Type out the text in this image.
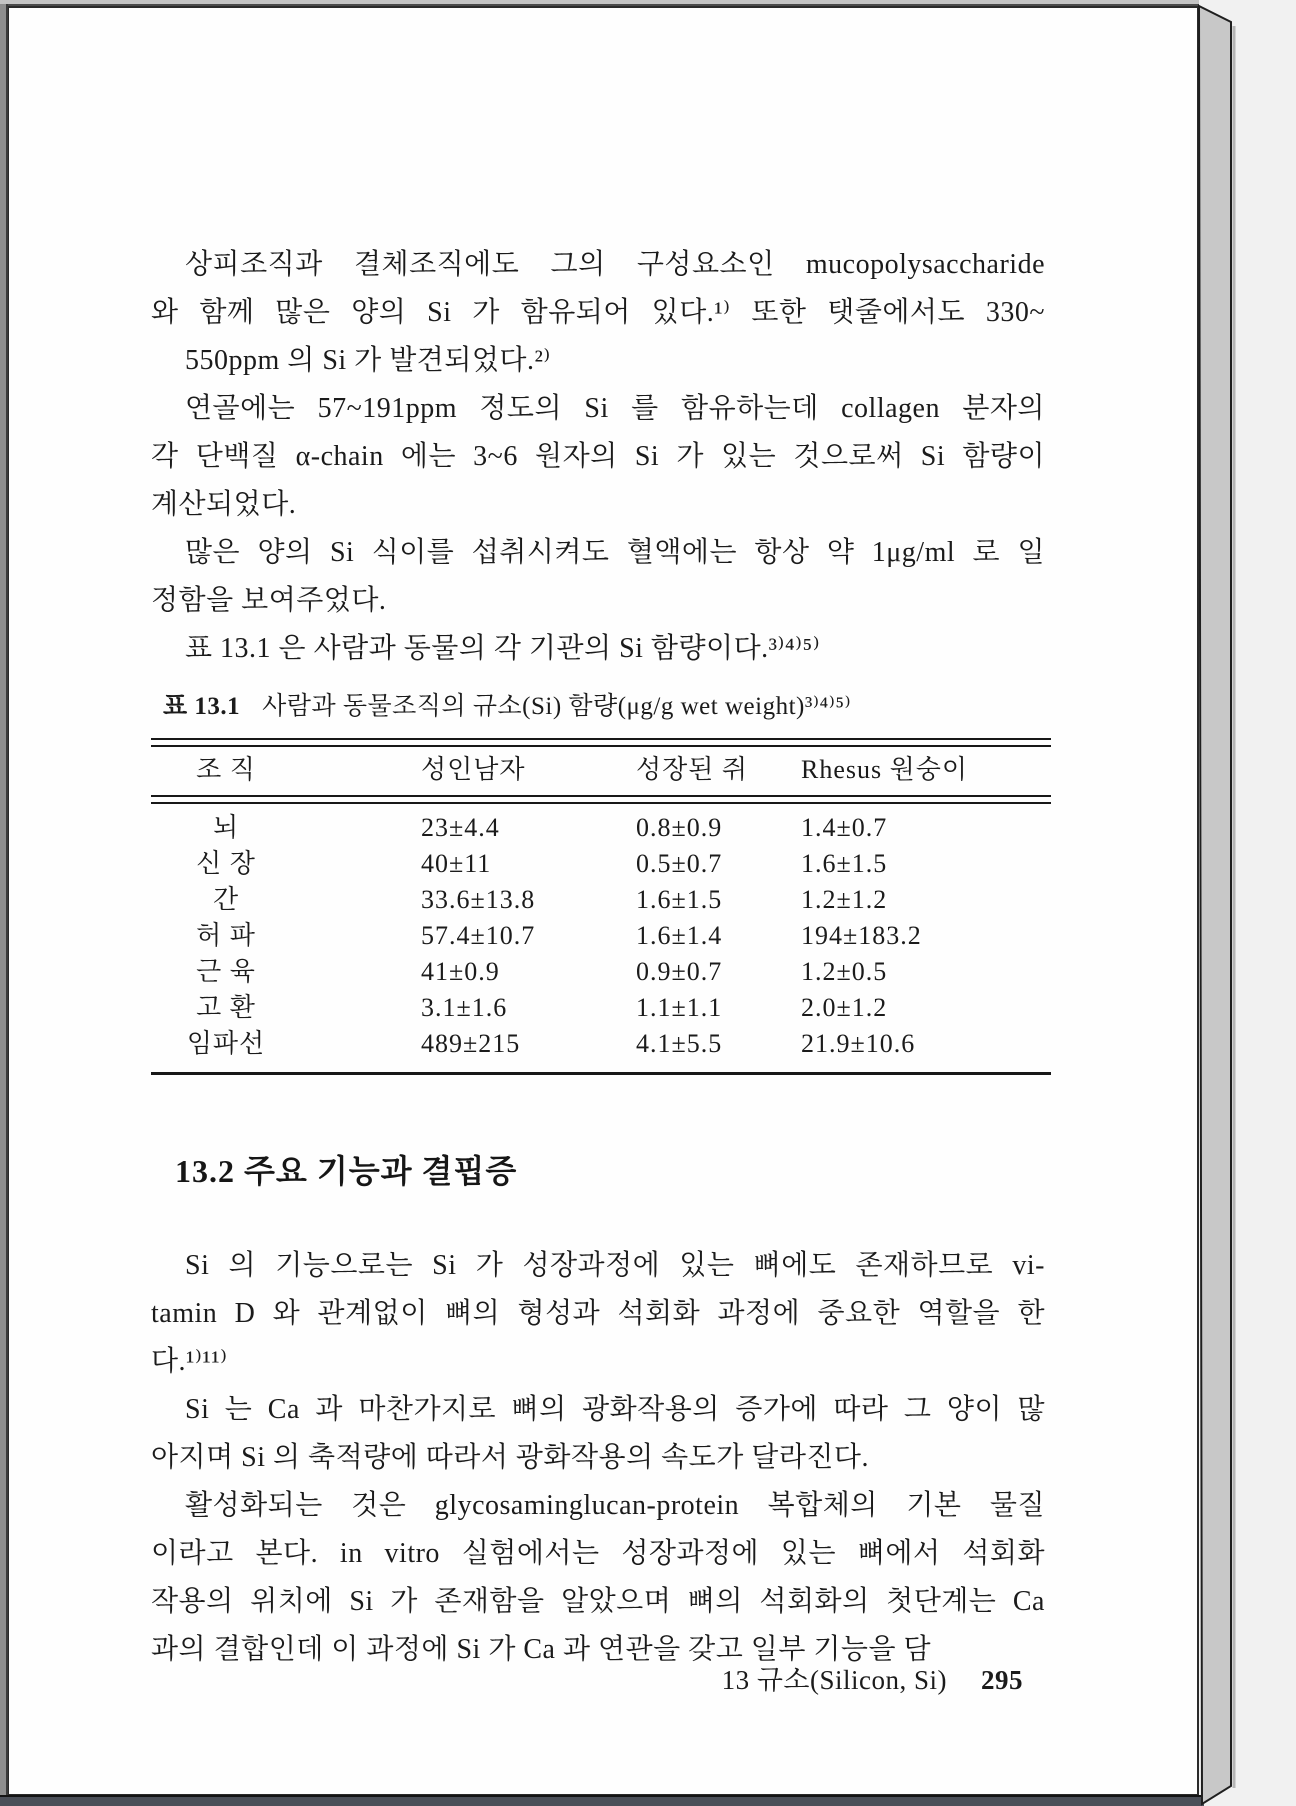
상피조직과 결체조직에도 그의 구성요소인 mucopolysaccharide
와 함께 많은 양의 Si 가 함유되어 있다.¹⁾ 또한 탯줄에서도 330~
550ppm 의 Si 가 발견되었다.²⁾
연골에는 57~191ppm 정도의 Si 를 함유하는데 collagen 분자의
각 단백질 α-chain 에는 3~6 원자의 Si 가 있는 것으로써 Si 함량이
계산되었다.
많은 양의 Si 식이를 섭취시켜도 혈액에는 항상 약 1μg/ml 로 일
정함을 보여주었다.
표 13.1 은 사람과 동물의 각 기관의 Si 함량이다.³⁾⁴⁾⁵⁾
표 13.1 사람과 동물조직의 규소(Si) 함량(μg/g wet weight)³⁾⁴⁾⁵⁾
조 직	성인남자	성장된 쥐	Rhesus 원숭이
뇌	23±4.4	0.8±0.9	1.4±0.7
신 장	40±11	0.5±0.7	1.6±1.5
간	33.6±13.8	1.6±1.5	1.2±1.2
허 파	57.4±10.7	1.6±1.4	194±183.2
근 육	41±0.9	0.9±0.7	1.2±0.5
고 환	3.1±1.6	1.1±1.1	2.0±1.2
임파선	489±215	4.1±5.5	21.9±10.6
13.2 주요 기능과 결핍증
Si 의 기능으로는 Si 가 성장과정에 있는 뼈에도 존재하므로 vi-
tamin D 와 관계없이 뼈의 형성과 석회화 과정에 중요한 역할을 한
다.¹⁾¹¹⁾
Si 는 Ca 과 마찬가지로 뼈의 광화작용의 증가에 따라 그 양이 많
아지며 Si 의 축적량에 따라서 광화작용의 속도가 달라진다.
활성화되는 것은 glycosaminglucan-protein 복합체의 기본 물질
이라고 본다. in vitro 실험에서는 성장과정에 있는 뼈에서 석회화
작용의 위치에 Si 가 존재함을 알았으며 뼈의 석회화의 첫단계는 Ca
과의 결합인데 이 과정에 Si 가 Ca 과 연관을 갖고 일부 기능을 담
13 규소(Silicon, Si) 295
